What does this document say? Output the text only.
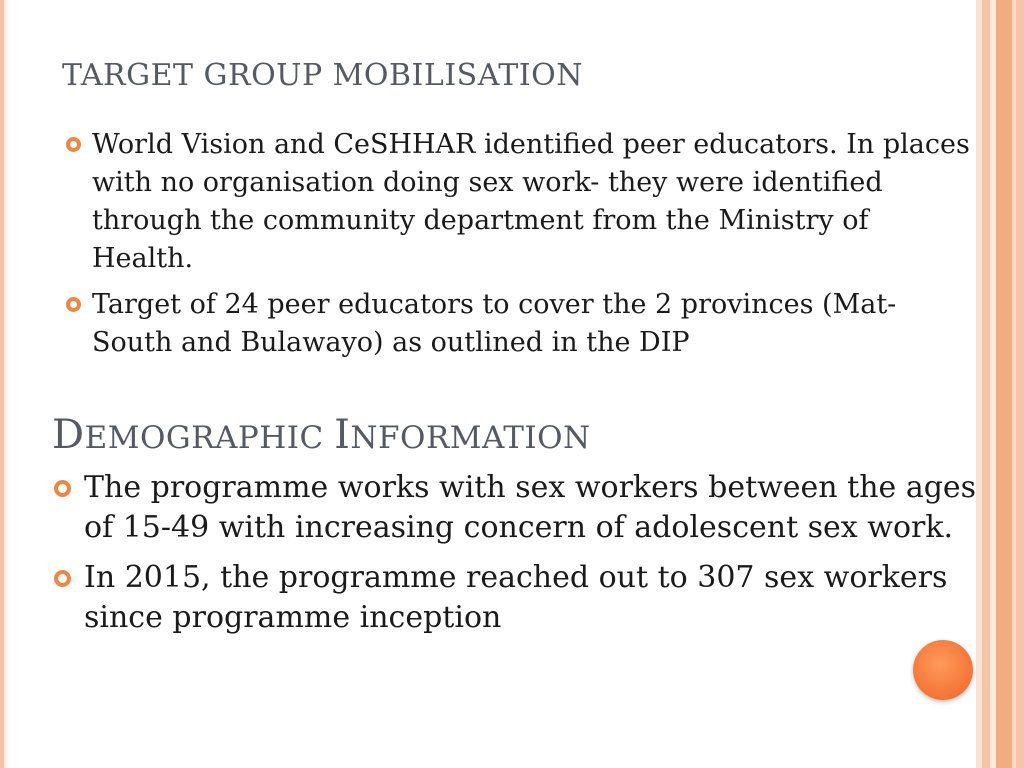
TARGET GROUP MOBILISATION
World Vision and CeSHHAR identified peer educators. In places with no organisation doing sex work- they were identified through the community department from the Ministry of Health.
Target of 24 peer educators to cover the 2 provinces (Mat-South and Bulawayo) as outlined in the DIP
DEMOGRAPHIC INFORMATION
The programme works with sex workers between the ages of 15-49 with increasing concern of adolescent sex work.
In 2015, the programme reached out to 307 sex workers since programme inception
